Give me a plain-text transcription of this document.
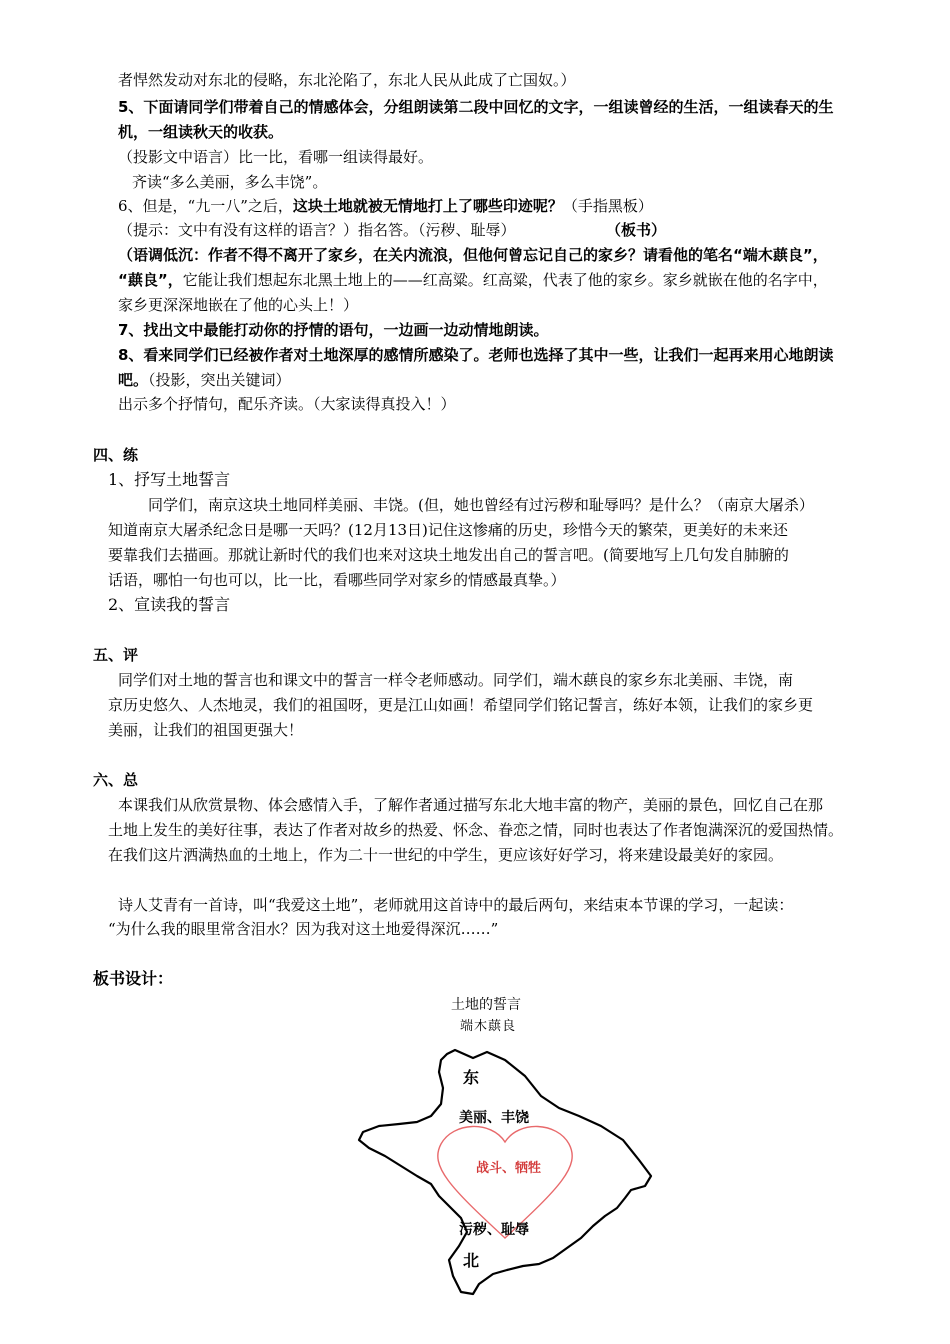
者悍然发动对东北的侵略，东北沦陷了，东北人民从此成了亡国奴。）
5、下面请同学们带着自己的情感体会，分组朗读第二段中回忆的文字，一组读曾经的生活，一组读春天的生
机，一组读秋天的收获。
（投影文中语言）比一比，看哪一组读得最好。
齐读“多么美丽，多么丰饶”。
6、但是，“九一八”之后，这块土地就被无情地打上了哪些印迹呢？（手指黑板）
（提示：文中有没有这样的语言？）指名答。（污秽、耻辱）	（板书）
（语调低沉：作者不得不离开了家乡，在关内流浪，但他何曾忘记自己的家乡？请看他的笔名“端木蕻良”，
“蕻良”，它能让我们想起东北黑土地上的——红高粱。红高粱，代表了他的家乡。家乡就嵌在他的名字中，
家乡更深深地嵌在了他的心头上！）
7、找出文中最能打动你的抒情的语句，一边画一边动情地朗读。
8、看来同学们已经被作者对土地深厚的感情所感染了。老师也选择了其中一些，让我们一起再来用心地朗读
吧。（投影，突出关键词）
出示多个抒情句，配乐齐读。（大家读得真投入！）
四、练
1、抒写土地誓言
同学们，南京这块土地同样美丽、丰饶。(但，她也曾经有过污秽和耻辱吗？是什么？（南京大屠杀）
知道南京大屠杀纪念日是哪一天吗？(12月13日)记住这惨痛的历史，珍惜今天的繁荣，更美好的未来还
要靠我们去描画。那就让新时代的我们也来对这块土地发出自己的誓言吧。(简要地写上几句发自肺腑的
话语，哪怕一句也可以，比一比，看哪些同学对家乡的情感最真挚。）
2、宣读我的誓言
五、评
同学们对土地的誓言也和课文中的誓言一样令老师感动。同学们，端木蕻良的家乡东北美丽、丰饶，南
京历史悠久、人杰地灵，我们的祖国呀，更是江山如画！希望同学们铭记誓言，练好本领，让我们的家乡更
美丽，让我们的祖国更强大！
六、总
本课我们从欣赏景物、体会感情入手，了解作者通过描写东北大地丰富的物产，美丽的景色，回忆自己在那
土地上发生的美好往事，表达了作者对故乡的热爱、怀念、眷恋之情，同时也表达了作者饱满深沉的爱国热情。
在我们这片洒满热血的土地上，作为二十一世纪的中学生，更应该好好学习，将来建设最美好的家园。
诗人艾青有一首诗，叫“我爱这土地”，老师就用这首诗中的最后两句，来结束本节课的学习，一起读：
“为什么我的眼里常含泪水？因为我对这土地爱得深沉……”
板书设计：
土地的誓言
端木蕻良
东
美丽、丰饶
战斗、牺牲
污秽、耻辱
北
